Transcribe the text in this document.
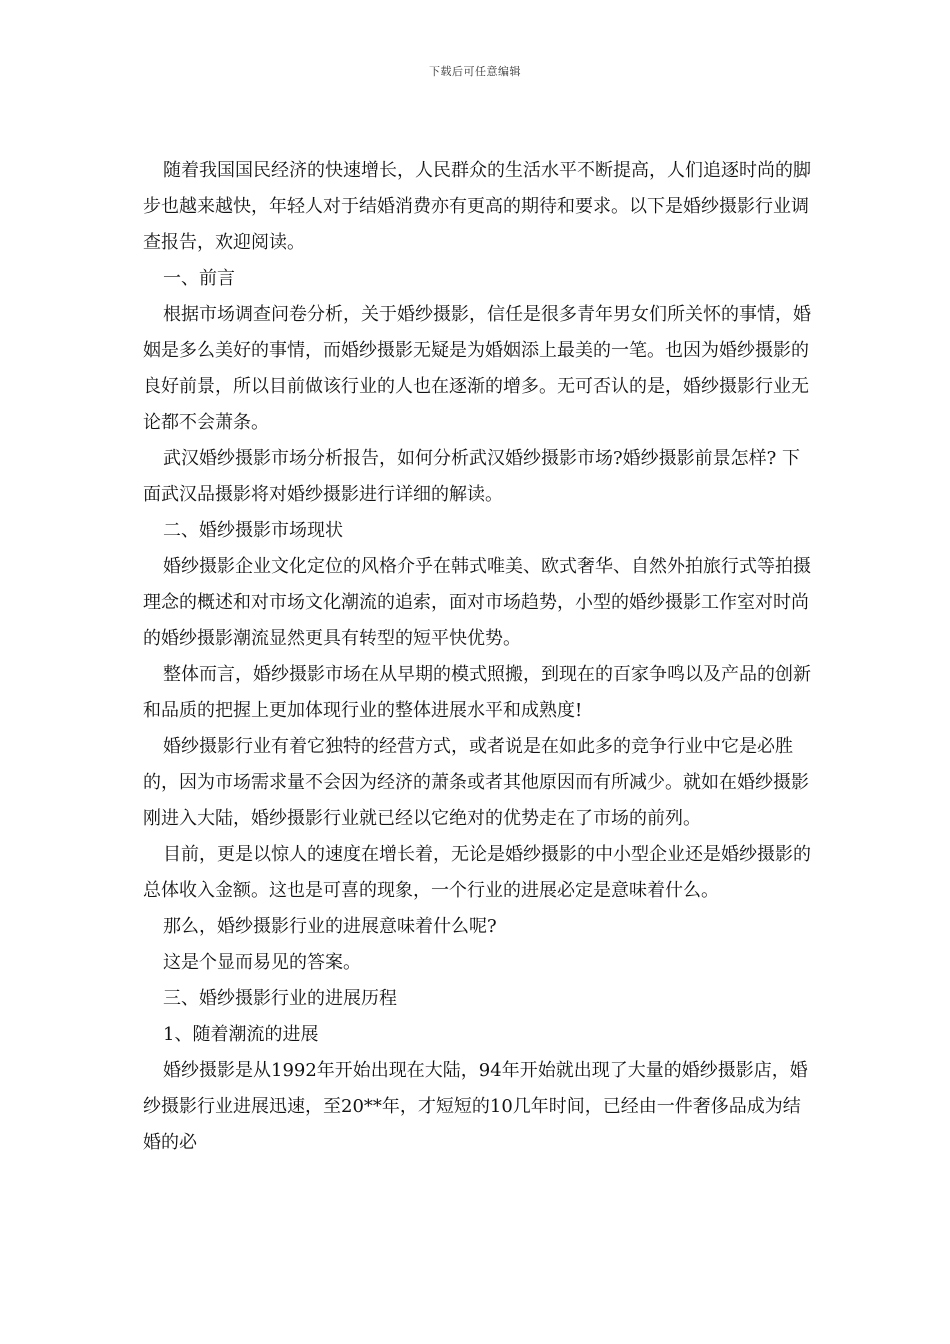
下载后可任意编辑

随着我国国民经济的快速增长，人民群众的生活水平不断提高，人们追逐时尚的脚步也越来越快，年轻人对于结婚消费亦有更高的期待和要求。以下是婚纱摄影行业调查报告，欢迎阅读。

一、前言

根据市场调查问卷分析，关于婚纱摄影，信任是很多青年男女们所关怀的事情，婚姻是多么美好的事情，而婚纱摄影无疑是为婚姻添上最美的一笔。也因为婚纱摄影的良好前景，所以目前做该行业的人也在逐渐的增多。无可否认的是，婚纱摄影行业无论都不会萧条。

武汉婚纱摄影市场分析报告，如何分析武汉婚纱摄影市场?婚纱摄影前景怎样? 下面武汉品摄影将对婚纱摄影进行详细的解读。

二、婚纱摄影市场现状

婚纱摄影企业文化定位的风格介乎在韩式唯美、欧式奢华、自然外拍旅行式等拍摄理念的概述和对市场文化潮流的追索，面对市场趋势，小型的婚纱摄影工作室对时尚的婚纱摄影潮流显然更具有转型的短平快优势。

整体而言，婚纱摄影市场在从早期的模式照搬，到现在的百家争鸣以及产品的创新和品质的把握上更加体现行业的整体进展水平和成熟度!

婚纱摄影行业有着它独特的经营方式，或者说是在如此多的竞争行业中它是必胜的，因为市场需求量不会因为经济的萧条或者其他原因而有所减少。就如在婚纱摄影刚进入大陆，婚纱摄影行业就已经以它绝对的优势走在了市场的前列。

目前，更是以惊人的速度在增长着，无论是婚纱摄影的中小型企业还是婚纱摄影的总体收入金额。这也是可喜的现象，一个行业的进展必定是意味着什么。

那么，婚纱摄影行业的进展意味着什么呢?

这是个显而易见的答案。

三、婚纱摄影行业的进展历程

1、随着潮流的进展

婚纱摄影是从1992年开始出现在大陆，94年开始就出现了大量的婚纱摄影店，婚纱摄影行业进展迅速，至20**年，才短短的10几年时间，已经由一件奢侈品成为结婚的必
